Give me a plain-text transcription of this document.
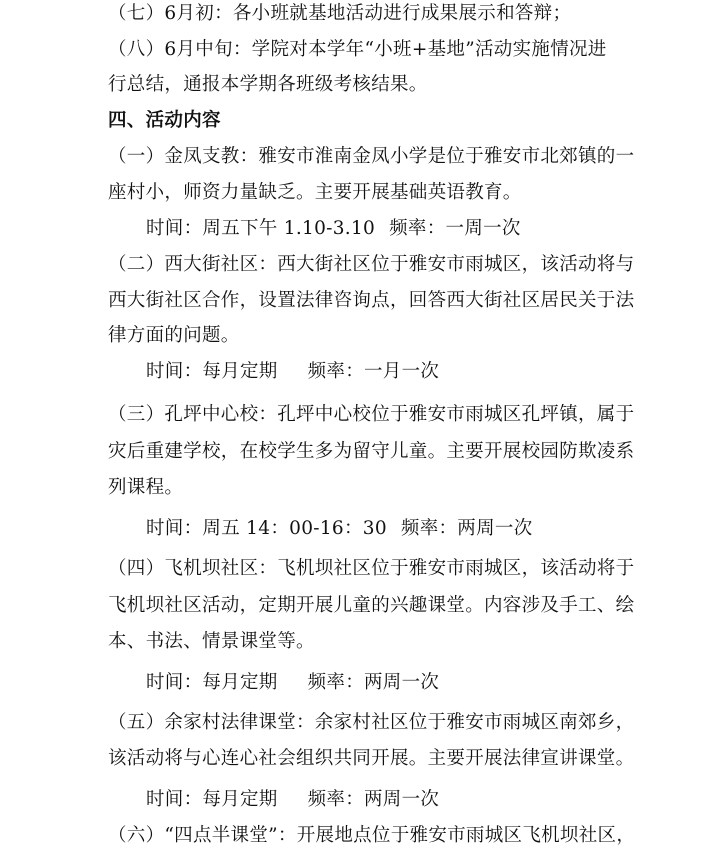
（七）6月初：各小班就基地活动进行成果展示和答辩；
（八）6月中旬：学院对本学年“小班+基地”活动实施情况进
行总结，通报本学期各班级考核结果。
四、活动内容
（一）金凤支教：雅安市淮南金凤小学是位于雅安市北郊镇的一
座村小，师资力量缺乏。主要开展基础英语教育。
时间：周五下午 1.10-3.10 频率：一周一次
（二）西大街社区：西大街社区位于雅安市雨城区，该活动将与
西大街社区合作，设置法律咨询点，回答西大街社区居民关于法
律方面的问题。
时间：每月定期 频率：一月一次
（三）孔坪中心校：孔坪中心校位于雅安市雨城区孔坪镇，属于
灾后重建学校，在校学生多为留守儿童。主要开展校园防欺凌系
列课程。
时间：周五 14：00-16：30 频率：两周一次
（四）飞机坝社区：飞机坝社区位于雅安市雨城区，该活动将于
飞机坝社区活动，定期开展儿童的兴趣课堂。内容涉及手工、绘
本、书法、情景课堂等。
时间：每月定期 频率：两周一次
（五）余家村法律课堂：余家村社区位于雅安市雨城区南郊乡，
该活动将与心连心社会组织共同开展。主要开展法律宣讲课堂。
时间：每月定期 频率：两周一次
（六）“四点半课堂”：开展地点位于雅安市雨城区飞机坝社区，
